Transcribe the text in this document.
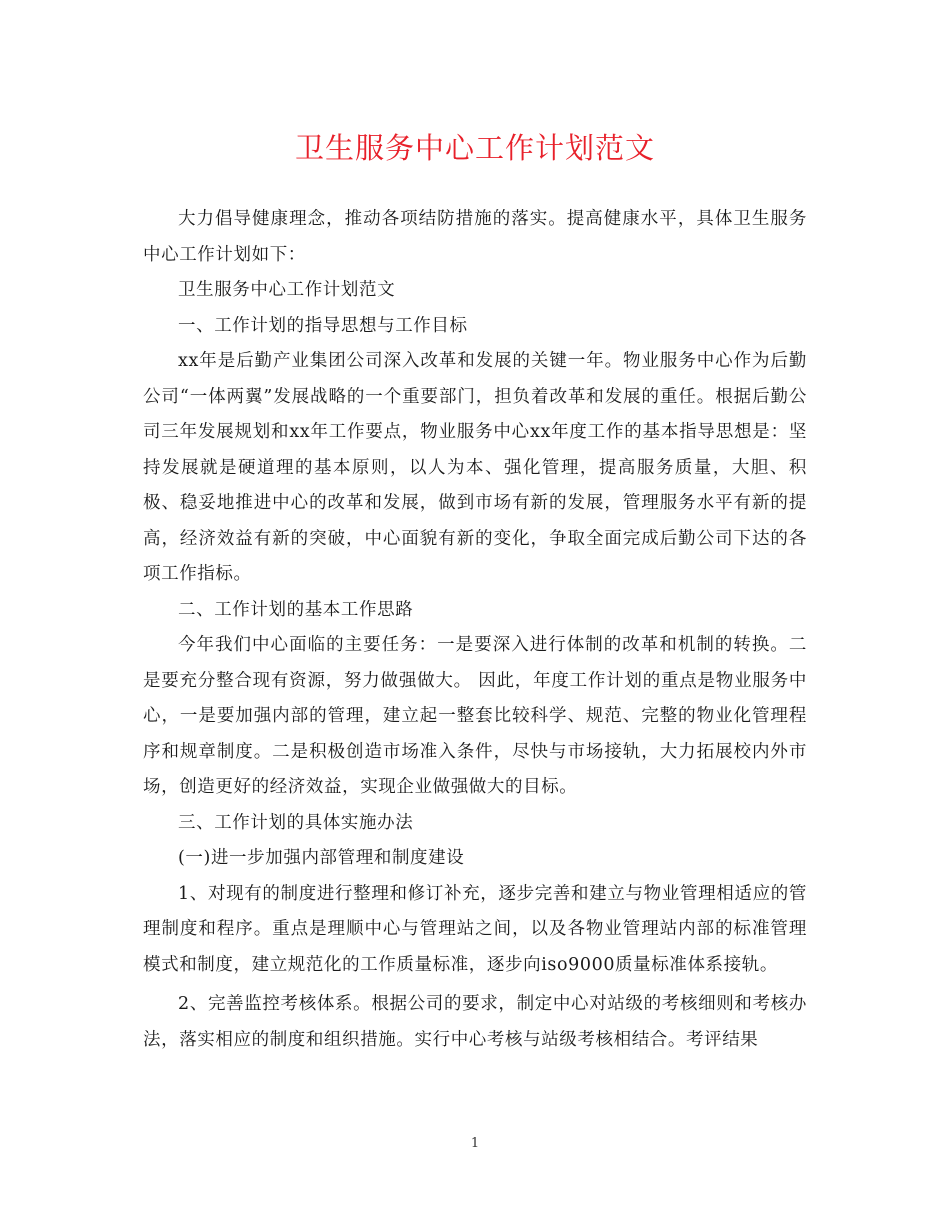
卫生服务中心工作计划范文

大力倡导健康理念，推动各项结防措施的落实。提高健康水平，具体卫生服务中心工作计划如下：

卫生服务中心工作计划范文

一、工作计划的指导思想与工作目标

xx年是后勤产业集团公司深入改革和发展的关键一年。物业服务中心作为后勤公司“一体两翼”发展战略的一个重要部门，担负着改革和发展的重任。根据后勤公司三年发展规划和xx年工作要点，物业服务中心xx年度工作的基本指导思想是：坚持发展就是硬道理的基本原则，以人为本、强化管理，提高服务质量，大胆、积极、稳妥地推进中心的改革和发展，做到市场有新的发展，管理服务水平有新的提高，经济效益有新的突破，中心面貌有新的变化，争取全面完成后勤公司下达的各项工作指标。

二、工作计划的基本工作思路

今年我们中心面临的主要任务：一是要深入进行体制的改革和机制的转换。二是要充分整合现有资源，努力做强做大。 因此，年度工作计划的重点是物业服务中心，一是要加强内部的管理，建立起一整套比较科学、规范、完整的物业化管理程序和规章制度。二是积极创造市场准入条件，尽快与市场接轨，大力拓展校内外市场，创造更好的经济效益，实现企业做强做大的目标。

三、工作计划的具体实施办法

(一)进一步加强内部管理和制度建设

1、对现有的制度进行整理和修订补充，逐步完善和建立与物业管理相适应的管理制度和程序。重点是理顺中心与管理站之间，以及各物业管理站内部的标准管理模式和制度，建立规范化的工作质量标准，逐步向iso9000质量标准体系接轨。

2、完善监控考核体系。根据公司的要求，制定中心对站级的考核细则和考核办法，落实相应的制度和组织措施。实行中心考核与站级考核相结合。考评结果

1
